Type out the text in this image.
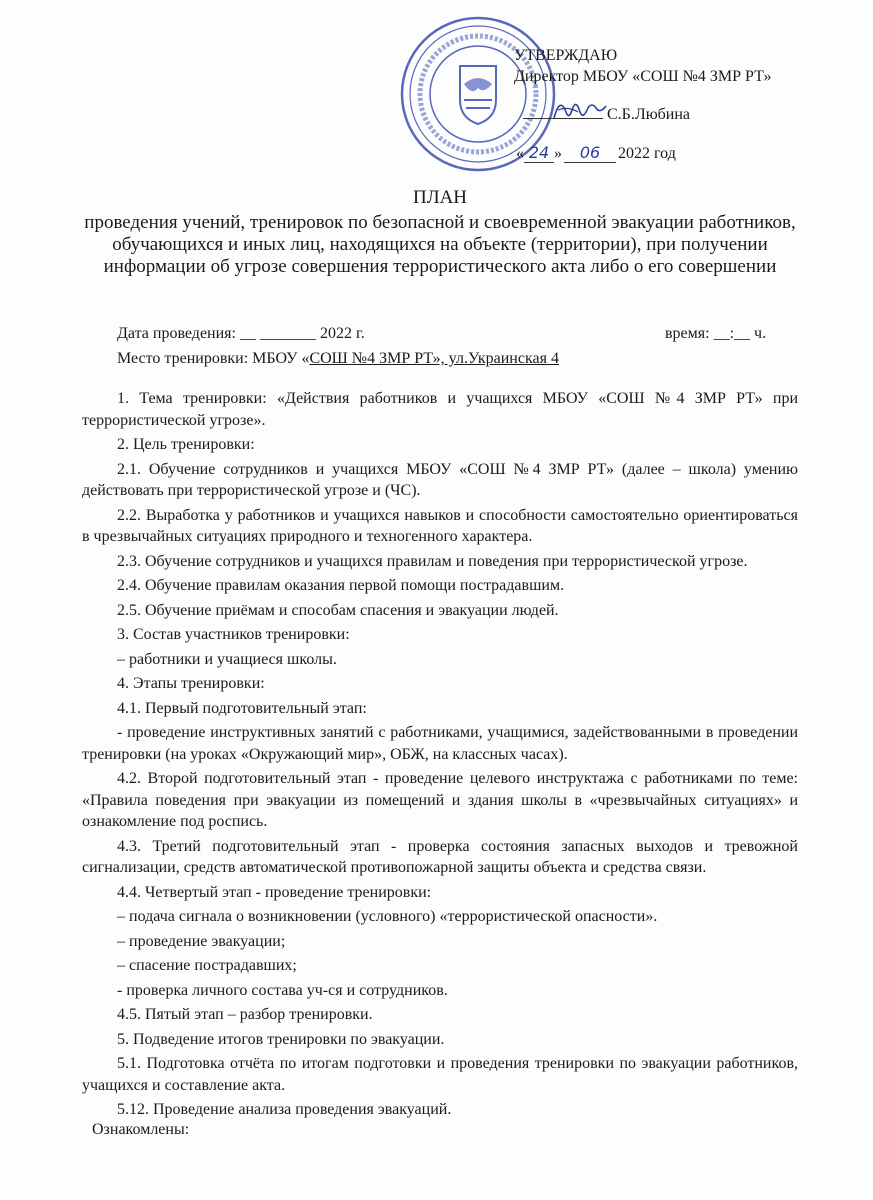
УТВЕРЖДАЮ
Директор МБОУ «СОШ №4 ЗМР РТ»
С.Б.Любина
« 24 » 06 2022 год
ПЛАН
проведения учений, тренировок по безопасной и своевременной эвакуации работников, обучающихся и иных лиц, находящихся на объекте (территории), при получении информации об угрозе совершения террористического акта либо о его совершении
Дата проведения: __ _______ 2022 г.	время: __:__ ч.
Место тренировки: МБОУ «СОШ №4 ЗМР РТ», ул.Украинская 4

1. Тема тренировки: «Действия работников и учащихся МБОУ «СОШ №4 ЗМР РТ» при террористической угрозе».

2. Цель тренировки:

2.1. Обучение сотрудников и учащихся МБОУ «СОШ №4 ЗМР РТ» (далее – школа) умению действовать при террористической угрозе и (ЧС).

2.2. Выработка у работников и учащихся навыков и способности самостоятельно ориентироваться в чрезвычайных ситуациях природного и техногенного характера.

2.3. Обучение сотрудников и учащихся правилам и поведения при террористической угрозе.

2.4. Обучение правилам оказания первой помощи пострадавшим.

2.5. Обучение приёмам и способам спасения и эвакуации людей.

3. Состав участников тренировки:

– работники и учащиеся школы.

4. Этапы тренировки:

4.1. Первый подготовительный этап:

- проведение инструктивных занятий с работниками, учащимися, задействованными в проведении тренировки (на уроках «Окружающий мир», ОБЖ, на классных часах).

4.2. Второй подготовительный этап - проведение целевого инструктажа с работниками по теме: «Правила поведения при эвакуации из помещений и здания школы в «чрезвычайных ситуациях» и ознакомление под роспись.

4.3. Третий подготовительный этап - проверка состояния запасных выходов и тревожной сигнализации, средств автоматической противопожарной защиты объекта и средства связи.

4.4. Четвертый этап - проведение тренировки:

– подача сигнала о возникновении (условного) «террористической опасности».

– проведение эвакуации;

– спасение пострадавших;

- проверка личного состава уч-ся и сотрудников.

4.5. Пятый этап – разбор тренировки.

5. Подведение итогов тренировки по эвакуации.

5.1. Подготовка отчёта по итогам подготовки и проведения тренировки по эвакуации работников, учащихся и составление акта.

5.12. Проведение анализа проведения эвакуаций.

Ознакомлены:
